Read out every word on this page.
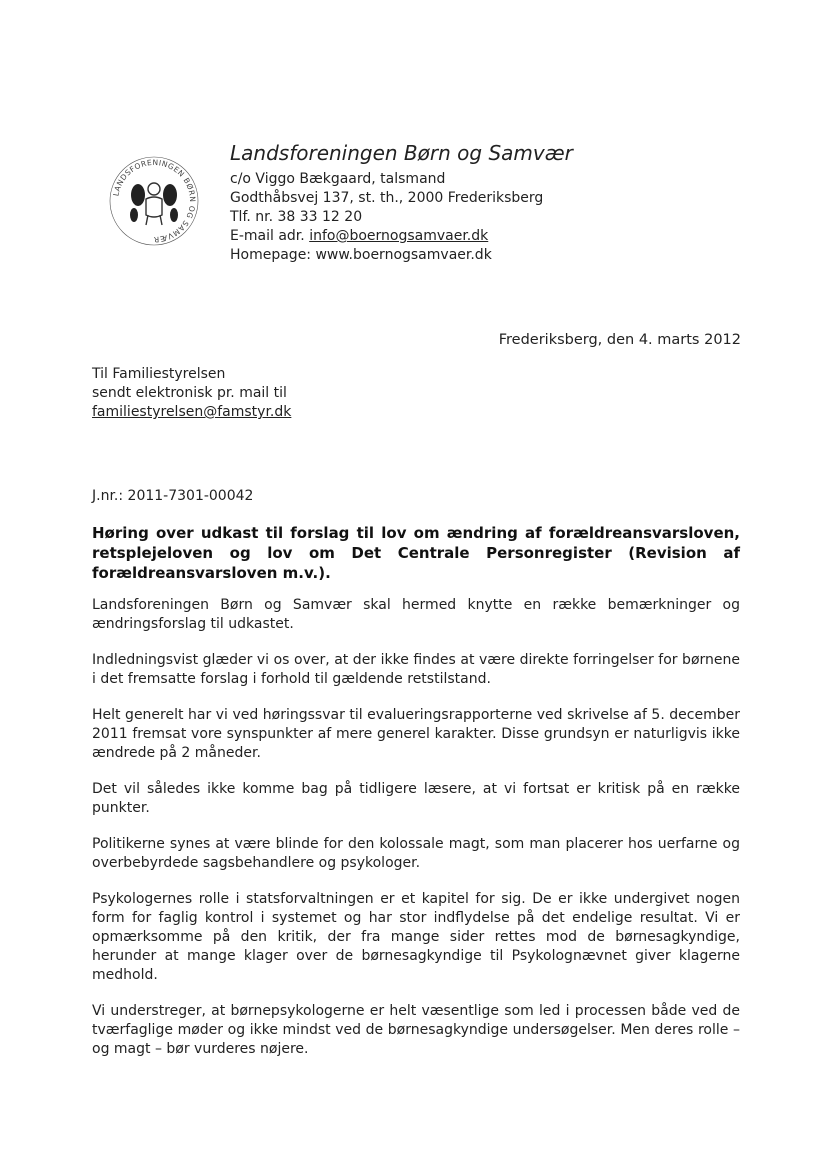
LANDSFORENINGEN BØRN OG SAMVÆR
Landsforeningen Børn og Samvær
c/o Viggo Bækgaard, talsmand
Godthåbsvej 137, st. th., 2000 Frederiksberg
Tlf. nr. 38 33 12 20
E-mail adr. info@boernogsamvaer.dk
Homepage: www.boernogsamvaer.dk
Frederiksberg, den 4. marts 2012
Til Familiestyrelsen
sendt elektronisk pr. mail til
familiestyrelsen@famstyr.dk
J.nr.: 2011-7301-00042
Høring over udkast til forslag til lov om ændring af forældreansvarsloven, retsplejeloven og lov om Det Centrale Personregister (Revision af forældreansvarsloven m.v.).

Landsforeningen Børn og Samvær skal hermed knytte en række bemærkninger og ændringsforslag til udkastet.

Indledningsvist glæder vi os over, at der ikke findes at være direkte forringelser for børnene i det fremsatte forslag i forhold til gældende retstilstand.

Helt generelt har vi ved høringssvar til evalueringsrapporterne ved skrivelse af 5. december 2011 fremsat vore synspunkter af mere generel karakter. Disse grundsyn er naturligvis ikke ændrede på 2 måneder.

Det vil således ikke komme bag på tidligere læsere, at vi fortsat er kritisk på en række punkter.

Politikerne synes at være blinde for den kolossale magt, som man placerer hos uerfarne og overbebyrdede sagsbehandlere og psykologer.

Psykologernes rolle i statsforvaltningen er et kapitel for sig. De er ikke undergivet nogen form for faglig kontrol i systemet og har stor indflydelse på det endelige resultat. Vi er opmærksomme på den kritik, der fra mange sider rettes mod de børnesagkyndige, herunder at mange klager over de børnesagkyndige til Psykolognævnet giver klagerne medhold.

Vi understreger, at børnepsykologerne er helt væsentlige som led i processen både ved de tværfaglige møder og ikke mindst ved de børnesagkyndige undersøgelser. Men deres rolle – og magt – bør vurderes nøjere.
